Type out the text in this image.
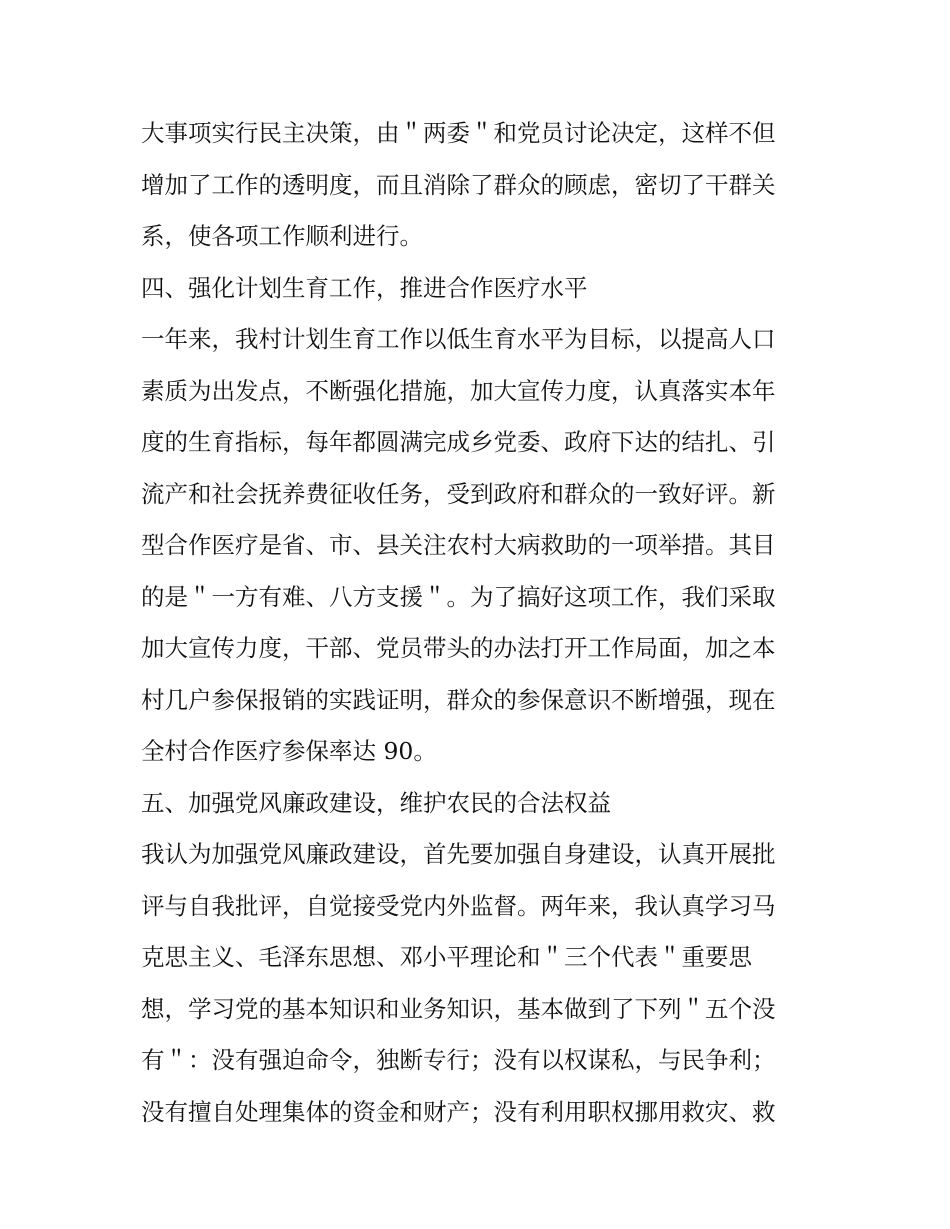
大事项实行民主决策，由＂两委＂和党员讨论决定，这样不但
增加了工作的透明度，而且消除了群众的顾虑，密切了干群关
系，使各项工作顺利进行。
四、强化计划生育工作，推进合作医疗水平
一年来，我村计划生育工作以低生育水平为目标，以提高人口
素质为出发点，不断强化措施，加大宣传力度，认真落实本年
度的生育指标，每年都圆满完成乡党委、政府下达的结扎、引
流产和社会抚养费征收任务，受到政府和群众的一致好评。新
型合作医疗是省、市、县关注农村大病救助的一项举措。其目
的是＂一方有难、八方支援＂。为了搞好这项工作，我们采取
加大宣传力度，干部、党员带头的办法打开工作局面，加之本
村几户参保报销的实践证明，群众的参保意识不断增强，现在
全村合作医疗参保率达 90。
五、加强党风廉政建设，维护农民的合法权益
我认为加强党风廉政建设，首先要加强自身建设，认真开展批
评与自我批评，自觉接受党内外监督。两年来，我认真学习马
克思主义、毛泽东思想、邓小平理论和＂三个代表＂重要思
想，学习党的基本知识和业务知识，基本做到了下列＂五个没
有＂：没有强迫命令，独断专行；没有以权谋私，与民争利；
没有擅自处理集体的资金和财产；没有利用职权挪用救灾、救
